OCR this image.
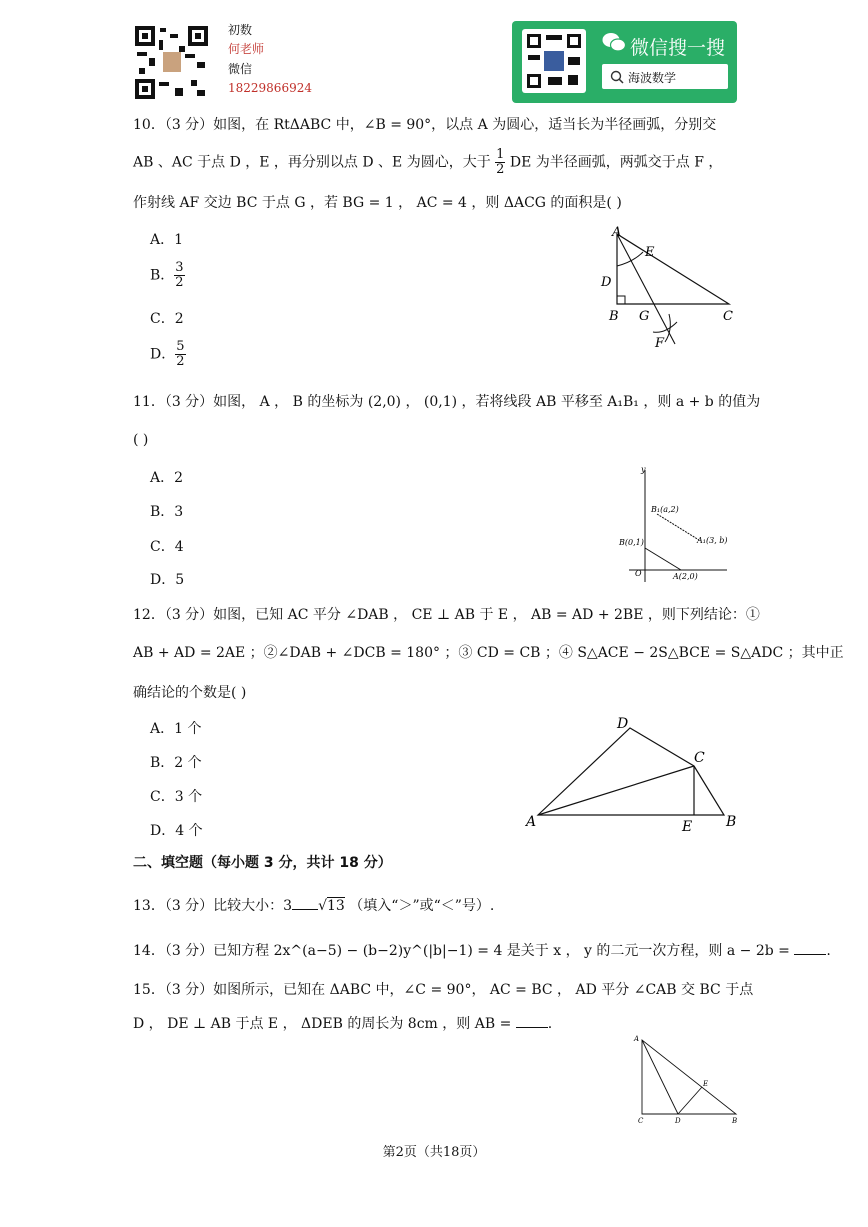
初数
何老师
微信
18229866924
微信搜一搜
海波数学
10．（3 分）如图，在 RtΔABC 中，∠B = 90°，以点 A 为圆心，适当长为半径画弧，分别交
AB 、AC 于点 D ，E ，再分别以点 D 、E 为圆心，大于 $\frac{1}{2}$ DE 为半径画弧，两弧交于点 F ，
作射线 AF 交边 BC 于点 G ，若 BG = 1 ， AC = 4 ，则 ΔACG 的面积是( )
A．1
B． $\frac{3}{2}$
C．2
D． $\frac{5}{2}$
A
E
D
B G	C
F
11．（3 分）如图， A ， B 的坐标为 (2,0) ， (0,1) ，若将线段 AB 平移至 A₁B₁ ，则 a + b 的值为
( )
A．2
B．3
C．4
D．5
y
B₁(a,2)
A₁(3, b)
B(0,1)
O	A(2,0)
12．（3 分）如图，已知 AC 平分 ∠DAB ， CE ⊥ AB 于 E ， AB = AD + 2BE ，则下列结论：①
AB + AD = 2AE ；②∠DAB + ∠DCB = 180° ；③ CD = CB ；④ S△ACE − 2S△BCE = S△ADC ；其中正
确结论的个数是( )
A．1 个
B．2 个
C．3 个
D．4 个
D
C
A	E B
二、填空题（每小题 3 分，共计 18 分）
13．（3 分）比较大小：3 √13 （填入“＞”或“＜”号）.
14．（3 分）已知方程 2x^(a−5) − (b−2)y^(|b|−1) = 4 是关于 x ， y 的二元一次方程，则 a − 2b =	.
15．（3 分）如图所示，已知在 ΔABC 中，∠C = 90°， AC = BC ， AD 平分 ∠CAB 交 BC 于点
D ， DE ⊥ AB 于点 E ， ΔDEB 的周长为 8cm ，则 AB =	.
A
E
C	D	B
第2页（共18页）
